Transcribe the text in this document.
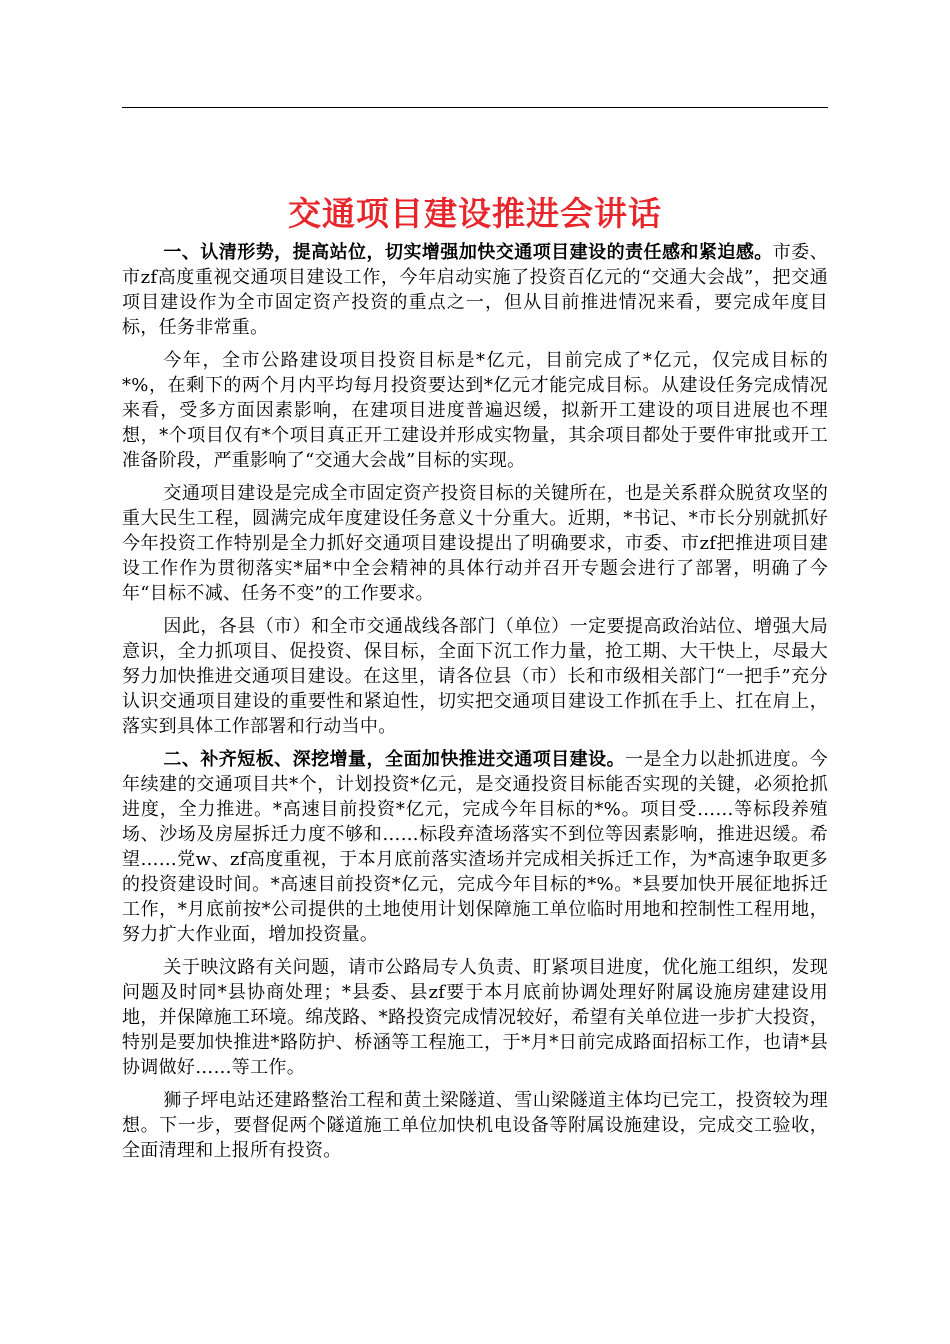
交通项目建设推进会讲话

一、认清形势，提高站位，切实增强加快交通项目建设的责任感和紧迫感。市委、市zf高度重视交通项目建设工作，今年启动实施了投资百亿元的“交通大会战”，把交通项目建设作为全市固定资产投资的重点之一，但从目前推进情况来看，要完成年度目标，任务非常重。

今年，全市公路建设项目投资目标是*亿元，目前完成了*亿元，仅完成目标的*%，在剩下的两个月内平均每月投资要达到*亿元才能完成目标。从建设任务完成情况来看，受多方面因素影响，在建项目进度普遍迟缓，拟新开工建设的项目进展也不理想，*个项目仅有*个项目真正开工建设并形成实物量，其余项目都处于要件审批或开工准备阶段，严重影响了“交通大会战”目标的实现。

交通项目建设是完成全市固定资产投资目标的关键所在，也是关系群众脱贫攻坚的重大民生工程，圆满完成年度建设任务意义十分重大。近期，*书记、*市长分别就抓好今年投资工作特别是全力抓好交通项目建设提出了明确要求，市委、市zf把推进项目建设工作作为贯彻落实*届*中全会精神的具体行动并召开专题会进行了部署，明确了今年“目标不减、任务不变”的工作要求。

因此，各县（市）和全市交通战线各部门（单位）一定要提高政治站位、增强大局意识，全力抓项目、促投资、保目标，全面下沉工作力量，抢工期、大干快上，尽最大努力加快推进交通项目建设。在这里，请各位县（市）长和市级相关部门“一把手”充分认识交通项目建设的重要性和紧迫性，切实把交通项目建设工作抓在手上、扛在肩上，落实到具体工作部署和行动当中。

二、补齐短板、深挖增量，全面加快推进交通项目建设。一是全力以赴抓进度。今年续建的交通项目共*个，计划投资*亿元，是交通投资目标能否实现的关键，必须抢抓进度，全力推进。*高速目前投资*亿元，完成今年目标的*%。项目受……等标段养殖场、沙场及房屋拆迁力度不够和……标段弃渣场落实不到位等因素影响，推进迟缓。希望……党w、zf高度重视，于本月底前落实渣场并完成相关拆迁工作，为*高速争取更多的投资建设时间。*高速目前投资*亿元，完成今年目标的*%。*县要加快开展征地拆迁工作，*月底前按*公司提供的土地使用计划保障施工单位临时用地和控制性工程用地，努力扩大作业面，增加投资量。

关于映汶路有关问题，请市公路局专人负责、盯紧项目进度，优化施工组织，发现问题及时同*县协商处理；*县委、县zf要于本月底前协调处理好附属设施房建建设用地，并保障施工环境。绵茂路、*路投资完成情况较好，希望有关单位进一步扩大投资，特别是要加快推进*路防护、桥涵等工程施工，于*月*日前完成路面招标工作，也请*县协调做好……等工作。

狮子坪电站还建路整治工程和黄土梁隧道、雪山梁隧道主体均已完工，投资较为理想。下一步，要督促两个隧道施工单位加快机电设备等附属设施建设，完成交工验收，全面清理和上报所有投资。
